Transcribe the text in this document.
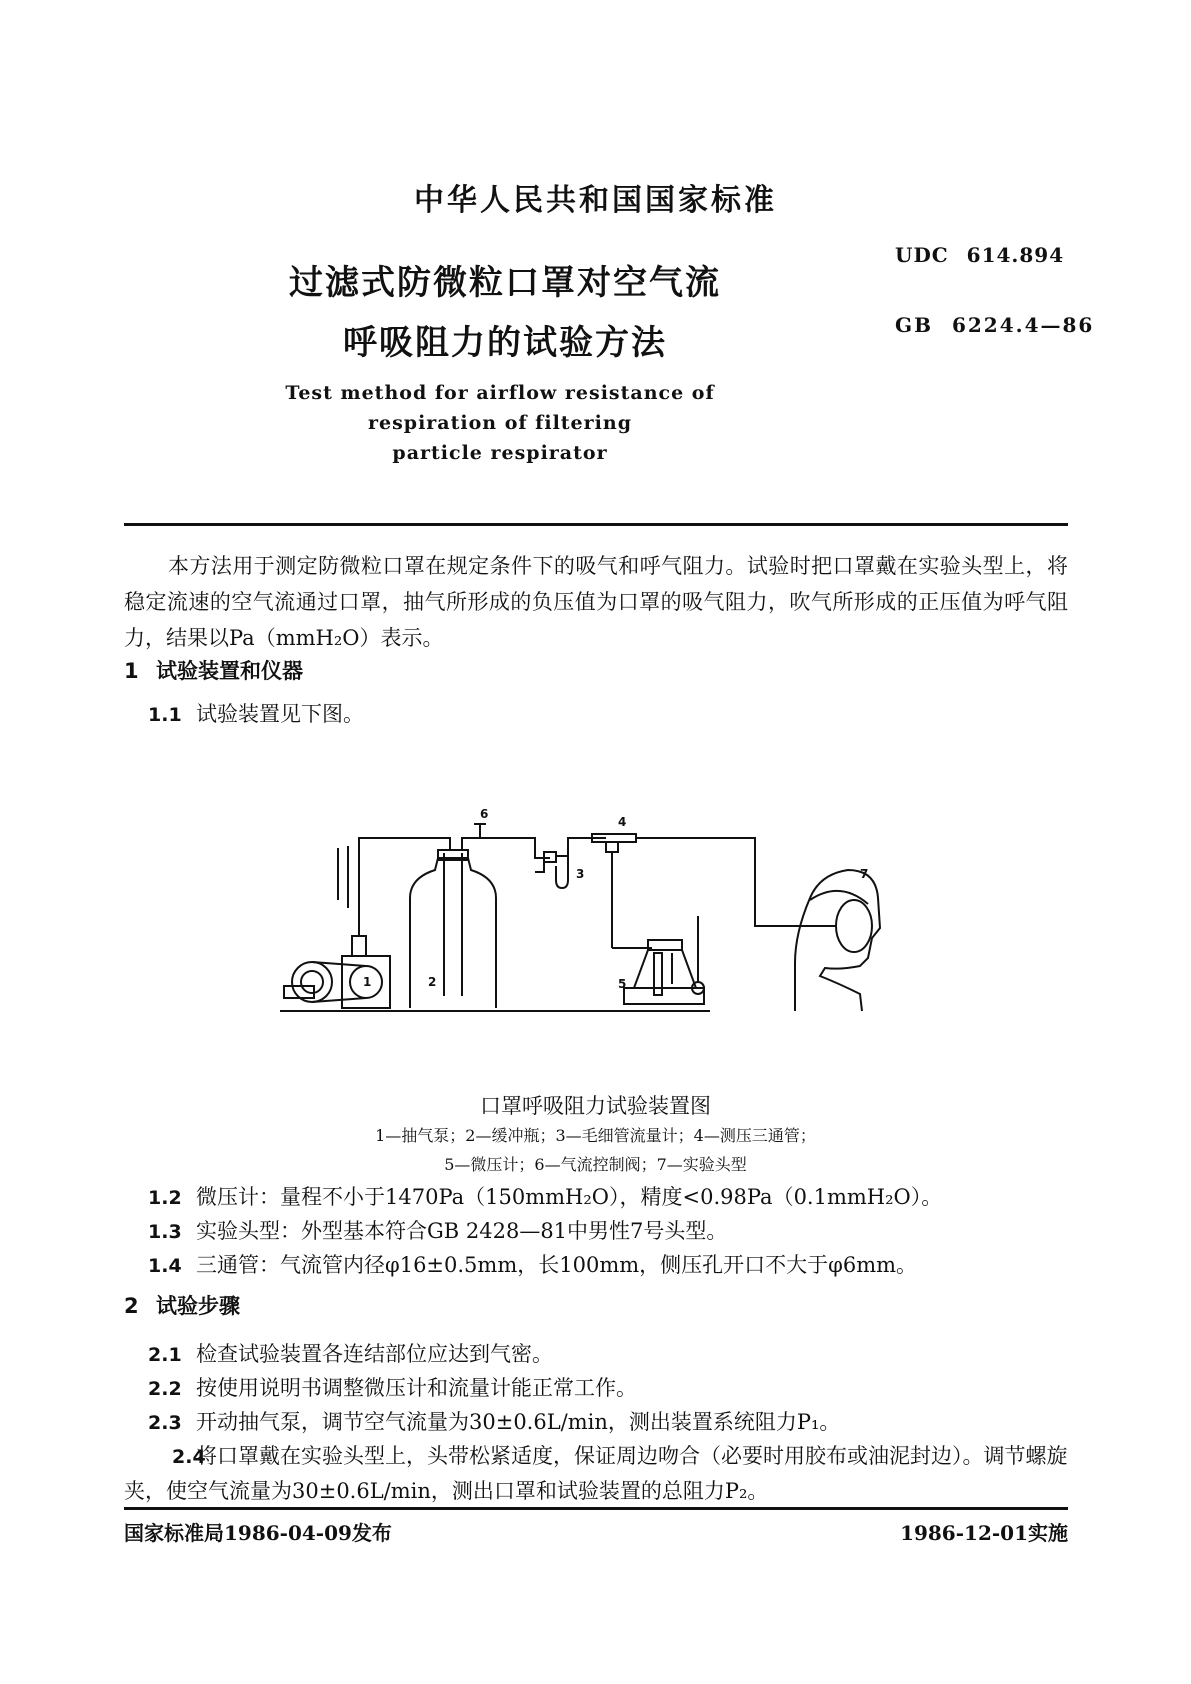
中华人民共和国国家标准
UDC 614.894
GB 6224.4—86
过滤式防微粒口罩对空气流
呼吸阻力的试验方法
Test method for airflow resistance of
respiration of filtering
particle respirator
本方法用于测定防微粒口罩在规定条件下的吸气和呼气阻力。试验时把口罩戴在实验头型上，将稳定流速的空气流通过口罩，抽气所形成的负压值为口罩的吸气阻力，吹气所形成的正压值为呼气阻力，结果以Pa（mmH₂O）表示。
1 试验装置和仪器
1.1 试验装置见下图。
6
4
3	7
1	2	5
口罩呼吸阻力试验装置图
1—抽气泵；2—缓冲瓶；3—毛细管流量计；4—测压三通管；
5—微压计；6—气流控制阀；7—实验头型
1.2 微压计：量程不小于1470Pa（150mmH₂O），精度<0.98Pa（0.1mmH₂O）。
1.3 实验头型：外型基本符合GB 2428—81中男性7号头型。
1.4 三通管：气流管内径φ16±0.5mm，长100mm，侧压孔开口不大于φ6mm。
2 试验步骤
2.1 检查试验装置各连结部位应达到气密。
2.2 按使用说明书调整微压计和流量计能正常工作。
2.3 开动抽气泵，调节空气流量为30±0.6L/min，测出装置系统阻力P₁。
2.4将口罩戴在实验头型上，头带松紧适度，保证周边吻合（必要时用胶布或油泥封边）。调节螺旋夹，使空气流量为30±0.6L/min，测出口罩和试验装置的总阻力P₂。
国家标准局1986-04-09发布	1986-12-01实施
